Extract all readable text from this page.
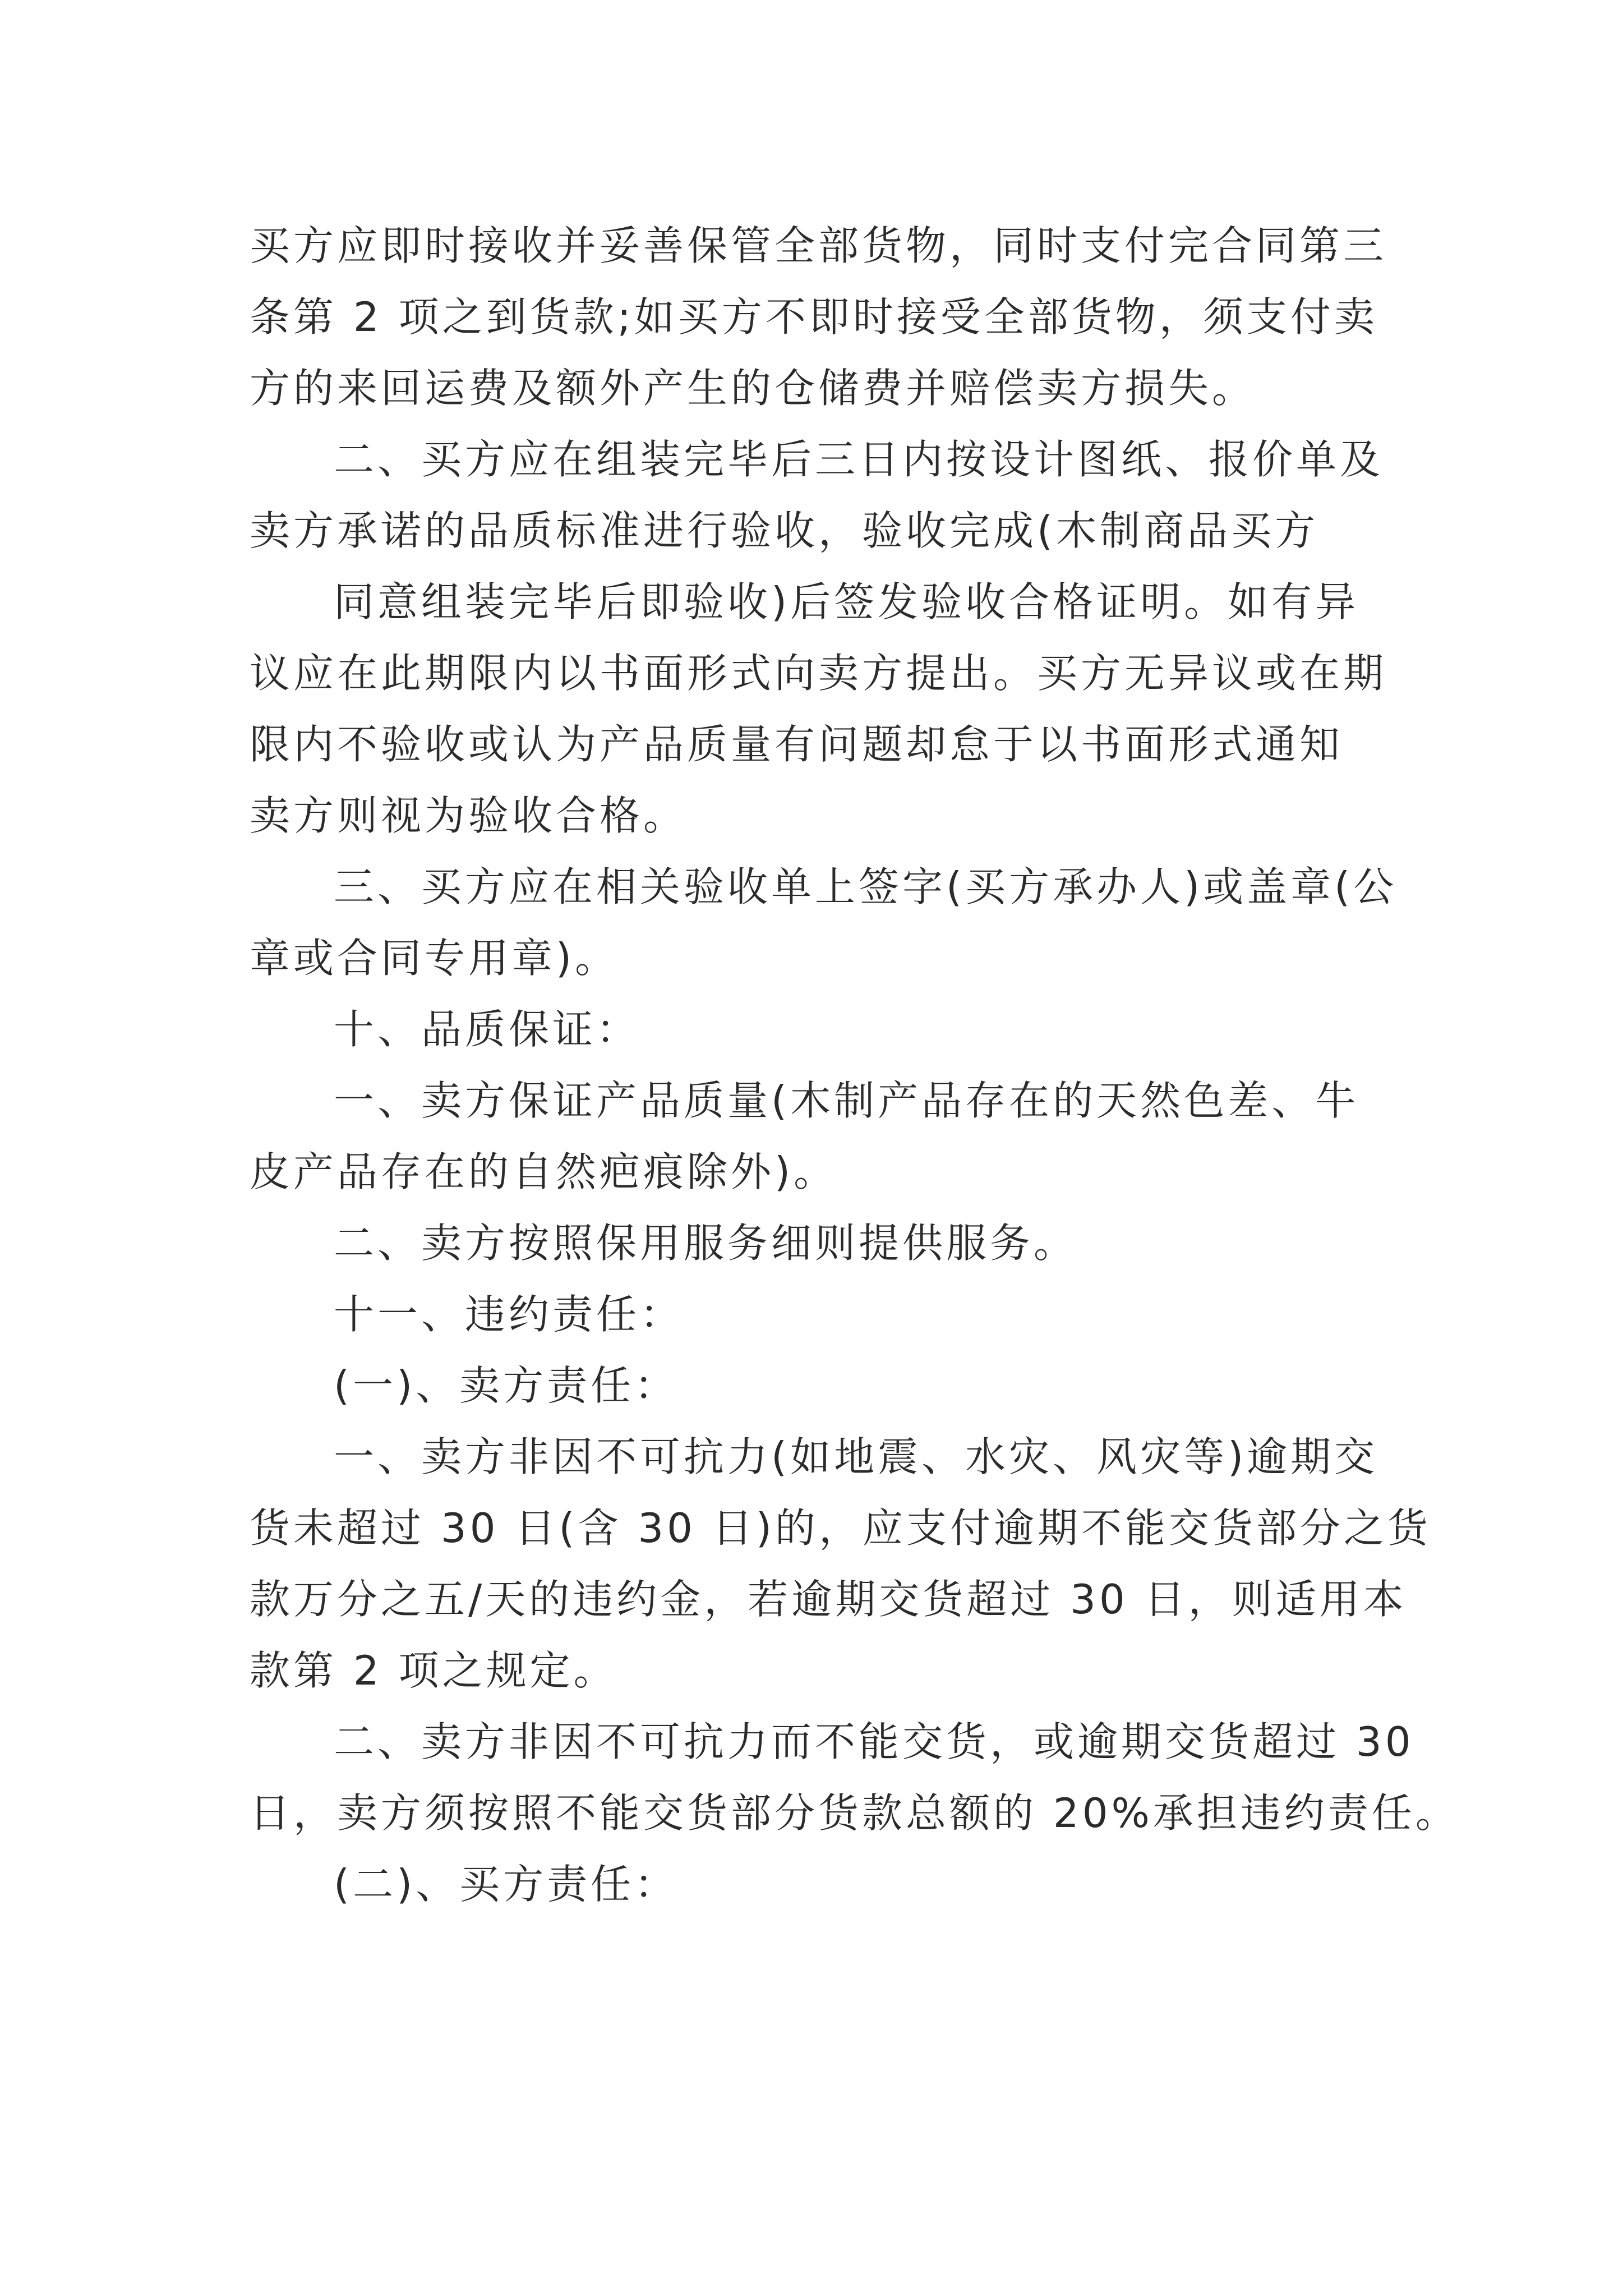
买方应即时接收并妥善保管全部货物，同时支付完合同第三

条第 2 项之到货款;如买方不即时接受全部货物，须支付卖

方的来回运费及额外产生的仓储费并赔偿卖方损失。

二、买方应在组装完毕后三日内按设计图纸、报价单及

卖方承诺的品质标准进行验收，验收完成(木制商品买方

同意组装完毕后即验收)后签发验收合格证明。如有异

议应在此期限内以书面形式向卖方提出。买方无异议或在期

限内不验收或认为产品质量有问题却怠于以书面形式通知

卖方则视为验收合格。

三、买方应在相关验收单上签字(买方承办人)或盖章(公

章或合同专用章)。

十、品质保证：

一、卖方保证产品质量(木制产品存在的天然色差、牛

皮产品存在的自然疤痕除外)。

二、卖方按照保用服务细则提供服务。

十一、违约责任：

(一)、卖方责任：

一、卖方非因不可抗力(如地震、水灾、风灾等)逾期交

货未超过 30 日(含 30 日)的，应支付逾期不能交货部分之货

款万分之五/天的违约金，若逾期交货超过 30 日，则适用本

款第 2 项之规定。

二、卖方非因不可抗力而不能交货，或逾期交货超过 30

日，卖方须按照不能交货部分货款总额的 20%承担违约责任。

(二)、买方责任：
